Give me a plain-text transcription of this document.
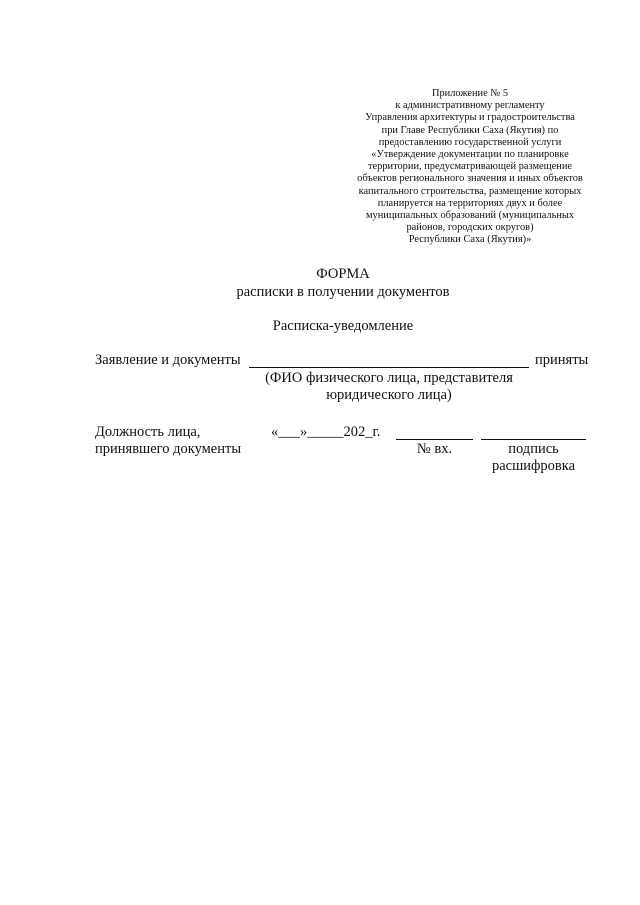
Приложение № 5
к административному регламенту
Управления архитектуры и градостроительства
при Главе Республики Саха (Якутия) по
предоставлению государственной услуги
«Утверждение документации по планировке
территории, предусматривающей размещение
объектов регионального значения и иных объектов
капитального строительства, размещение которых
планируется на территориях двух и более
муниципальных образований (муниципальных
районов, городских округов)
Республики Саха (Якутия)»
ФОРМА
расписки в получении документов
Расписка-уведомление
Заявление и документы	приняты
(ФИО физического лица, представителя
юридического лица)
Должность лица,
принявшего документы
«___»_____202_г.
№ вх.	подпись
расшифровка
